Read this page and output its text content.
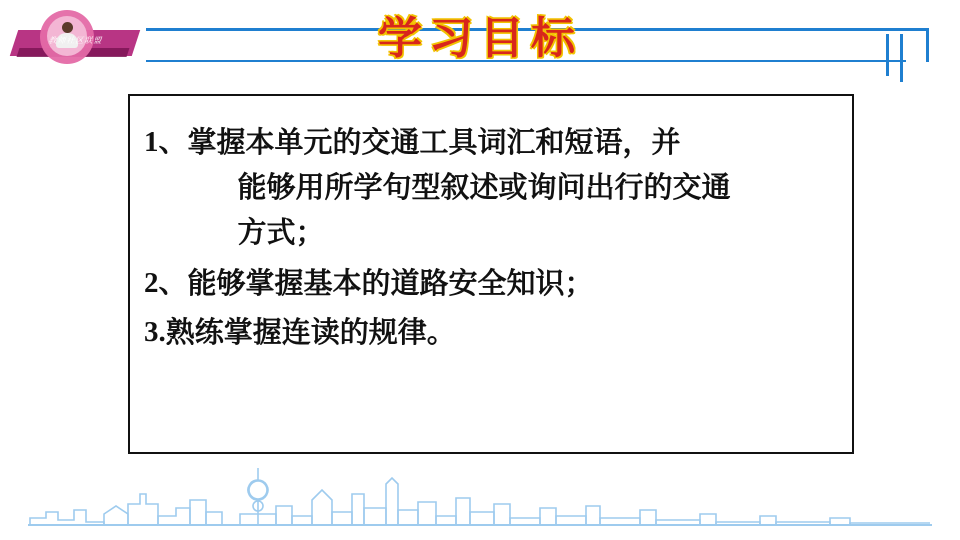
✦
✦
✦
教师社区联盟	学习目标
1、 掌握本单元的交通工具词汇和短语，并
能够用所学句型叙述或询问出行的交通
方式；
2、 能够掌握基本的道路安全知识；
3. 熟练掌握连读的规律。
